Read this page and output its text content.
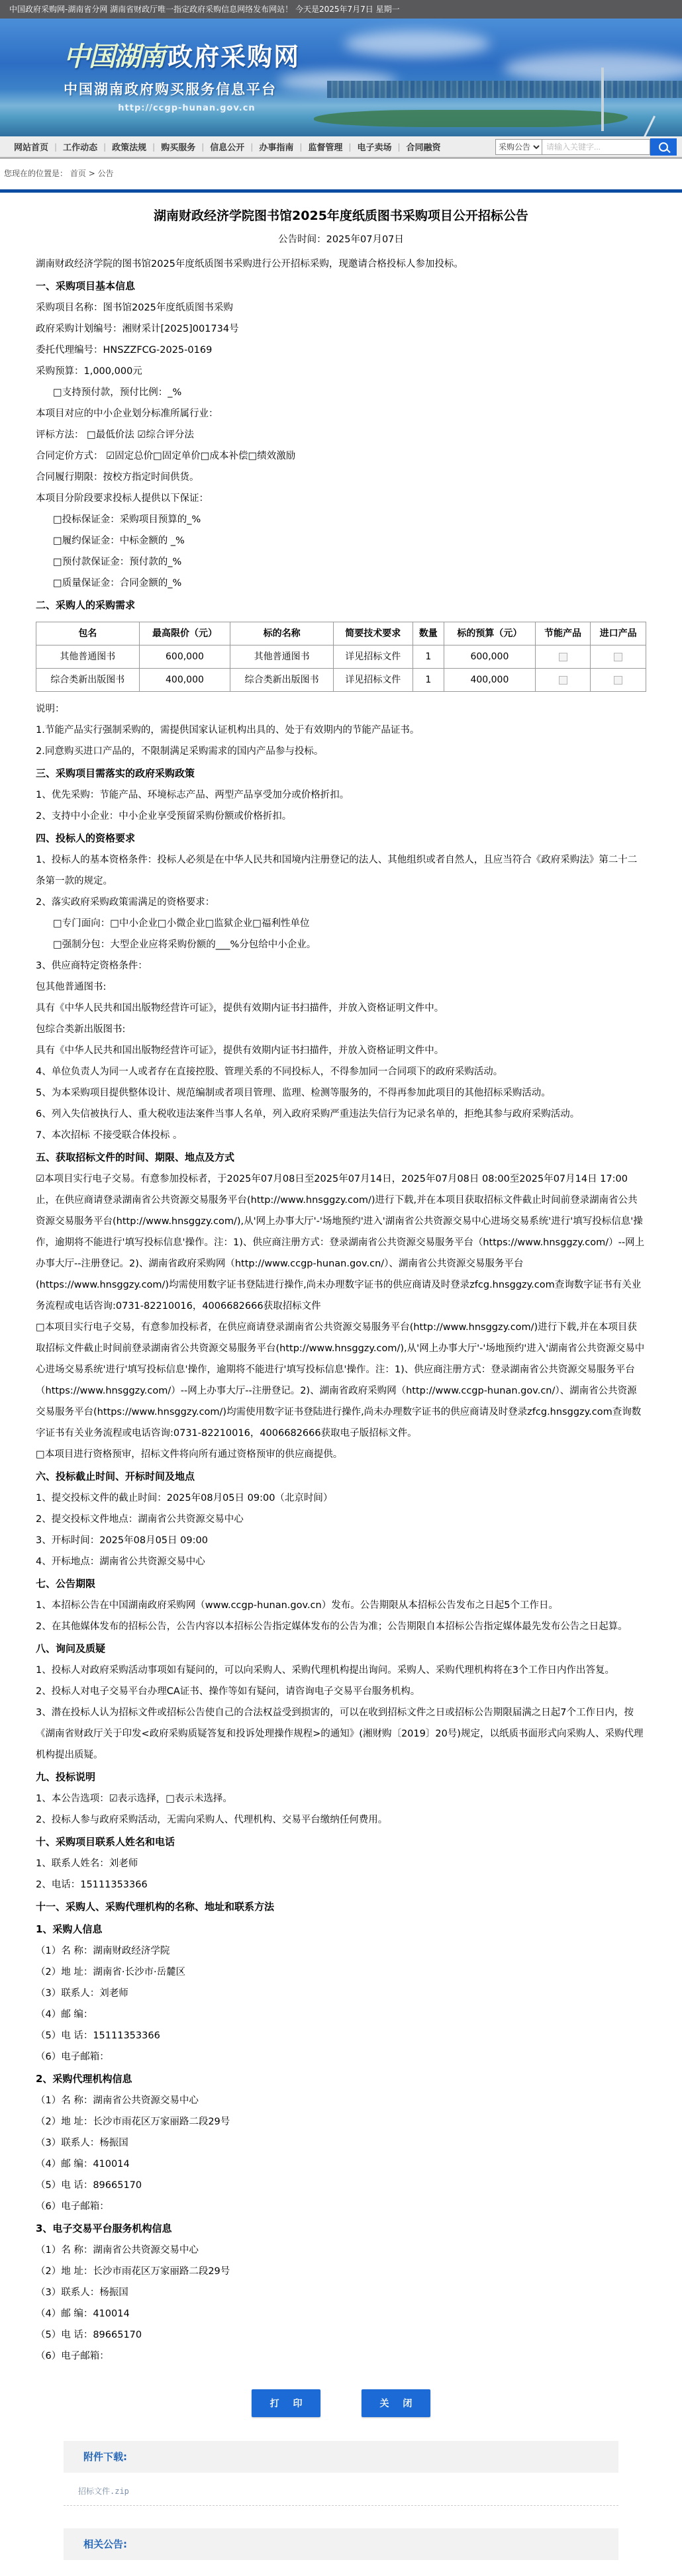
中国政府采购网-湖南省分网 湖南省财政厅唯一指定政府采购信息网络发布网站！ 今天是2025年7月7日 星期一
中国湖南 政府采购网
中国湖南政府购买服务信息平台
http://ccgp-hunan.gov.cn
网站首页 | 工作动态 | 政策法规 | 购买服务 | 信息公开 | 办事指南 | 监督管理 | 电子卖场 | 合同融资
采购公告
请输入关键字...
您现在的位置是： 首页 > 公告
湖南财政经济学院图书馆2025年度纸质图书采购项目公开招标公告
公告时间：2025年07月07日
湖南财政经济学院的图书馆2025年度纸质图书采购进行公开招标采购，现邀请合格投标人参加投标。
一、采购项目基本信息
采购项目名称：图书馆2025年度纸质图书采购
政府采购计划编号：湘财采计[2025]001734号
委托代理编号：HNSZZFCG-2025-0169
采购预算：1,000,000元
□支持预付款，预付比例：_%
本项目对应的中小企业划分标准所属行业：
评标方法： □最低价法 ☑综合评分法
合同定价方式： ☑固定总价□固定单价□成本补偿□绩效激励
合同履行期限：按校方指定时间供货。
本项目分阶段要求投标人提供以下保证：
□投标保证金：采购项目预算的_%
□履约保证金：中标金额的 _%
□预付款保证金：预付款的_%
□质量保证金：合同金额的_%
二、采购人的采购需求
包名	最高限价（元）	标的名称	简要技术要求	数量	标的预算（元）	节能产品	进口产品
其他普通图书	600,000	其他普通图书	详见招标文件	1	600,000		
综合类新出版图书	400,000	综合类新出版图书	详见招标文件	1	400,000		
说明：
1.节能产品实行强制采购的，需提供国家认证机构出具的、处于有效期内的节能产品证书。
2.同意购买进口产品的，不限制满足采购需求的国内产品参与投标。
三、采购项目需落实的政府采购政策
1、优先采购：节能产品、环境标志产品、两型产品享受加分或价格折扣。
2、支持中小企业：中小企业享受预留采购份额或价格折扣。
四、投标人的资格要求
1、投标人的基本资格条件：投标人必须是在中华人民共和国境内注册登记的法人、其他组织或者自然人，且应当符合《政府采购法》第二十二条第一款的规定。
2、落实政府采购政策需满足的资格要求：
□专门面向：□中小企业□小微企业□监狱企业□福利性单位
□强制分包：大型企业应将采购份额的___%分包给中小企业。
3、供应商特定资格条件：
包其他普通图书:
具有《中华人民共和国出版物经营许可证》，提供有效期内证书扫描件，并放入资格证明文件中。
包综合类新出版图书:
具有《中华人民共和国出版物经营许可证》，提供有效期内证书扫描件，并放入资格证明文件中。
4、单位负责人为同一人或者存在直接控股、管理关系的不同投标人，不得参加同一合同项下的政府采购活动。
5、为本采购项目提供整体设计、规范编制或者项目管理、监理、检测等服务的，不得再参加此项目的其他招标采购活动。
6、列入失信被执行人、重大税收违法案件当事人名单，列入政府采购严重违法失信行为记录名单的，拒绝其参与政府采购活动。
7、本次招标 不接受联合体投标 。
五、获取招标文件的时间、期限、地点及方式
☑本项目实行电子交易。有意参加投标者，于2025年07月08日至2025年07月14日，2025年07月08日 08:00至2025年07月14日 17:00止，在供应商请登录湖南省公共资源交易服务平台(http://www.hnsggzy.com/)进行下载,并在本项目获取招标文件截止时间前登录湖南省公共资源交易服务平台(http://www.hnsggzy.com/),从'网上办事大厅'-'场地预约'进入'湖南省公共资源交易中心进场交易系统'进行'填写投标信息'操作，逾期将不能进行'填写投标信息'操作。注：1)、供应商注册方式：登录湖南省公共资源交易服务平台（https://www.hnsggzy.com/）--网上办事大厅--注册登记。2)、湖南省政府采购网（http://www.ccgp-hunan.gov.cn/）、湖南省公共资源交易服务平台(https://www.hnsggzy.com/)均需使用数字证书登陆进行操作,尚未办理数字证书的供应商请及时登录zfcg.hnsggzy.com查询数字证书有关业务流程或电话咨询:0731-82210016，4006682666获取招标文件
□本项目实行电子交易，有意参加投标者，在供应商请登录湖南省公共资源交易服务平台(http://www.hnsggzy.com/)进行下载,并在本项目获取招标文件截止时间前登录湖南省公共资源交易服务平台(http://www.hnsggzy.com/),从'网上办事大厅'-'场地预约'进入'湖南省公共资源交易中心进场交易系统'进行'填写投标信息'操作，逾期将不能进行'填写投标信息'操作。注：1)、供应商注册方式：登录湖南省公共资源交易服务平台（https://www.hnsggzy.com/）--网上办事大厅--注册登记。2)、湖南省政府采购网（http://www.ccgp-hunan.gov.cn/）、湖南省公共资源交易服务平台(https://www.hnsggzy.com/)均需使用数字证书登陆进行操作,尚未办理数字证书的供应商请及时登录zfcg.hnsggzy.com查询数字证书有关业务流程或电话咨询:0731-82210016，4006682666获取电子版招标文件。
□本项目进行资格预审，招标文件将向所有通过资格预审的供应商提供。
六、投标截止时间、开标时间及地点
1、提交投标文件的截止时间：2025年08月05日 09:00（北京时间）
2、提交投标文件地点：湖南省公共资源交易中心
3、开标时间：2025年08月05日 09:00
4、开标地点：湖南省公共资源交易中心
七、公告期限
1、本招标公告在中国湖南政府采购网（www.ccgp-hunan.gov.cn）发布。公告期限从本招标公告发布之日起5个工作日。
2、在其他媒体发布的招标公告，公告内容以本招标公告指定媒体发布的公告为准；公告期限自本招标公告指定媒体最先发布公告之日起算。
八、询问及质疑
1、投标人对政府采购活动事项如有疑问的，可以向采购人、采购代理机构提出询问。采购人、采购代理机构将在3个工作日内作出答复。
2、投标人对电子交易平台办理CA证书、操作等如有疑问，请咨询电子交易平台服务机构。
3、潜在投标人认为招标文件或招标公告使自己的合法权益受到损害的，可以在收到招标文件之日或招标公告期限届满之日起7个工作日内，按《湖南省财政厅关于印发<政府采购质疑答复和投诉处理操作规程>的通知》(湘财购〔2019〕20号)规定，以纸质书面形式向采购人、采购代理机构提出质疑。
九、投标说明
1、本公告选项：☑表示选择，□表示未选择。
2、投标人参与政府采购活动，无需向采购人、代理机构、交易平台缴纳任何费用。
十、采购项目联系人姓名和电话
1、联系人姓名：刘老师
2、电话：15111353366
十一、采购人、采购代理机构的名称、地址和联系方法
1、采购人信息
（1）名 称：湖南财政经济学院
（2）地 址：湖南省·长沙市·岳麓区
（3）联系人：刘老师
（4）邮 编：
（5）电 话：15111353366
（6）电子邮箱：
2、采购代理机构信息
（1）名 称：湖南省公共资源交易中心
（2）地 址：长沙市雨花区万家丽路二段29号
（3）联系人：杨振国
（4）邮 编：410014
（5）电 话：89665170
（6）电子邮箱：
3、电子交易平台服务机构信息
（1）名 称：湖南省公共资源交易中心
（2）地 址：长沙市雨花区万家丽路二段29号
（3）联系人：杨振国
（4）邮 编：410014
（5）电 话：89665170
（6）电子邮箱：
打 印	关 闭
附件下载:
招标文件.zip
相关公告:
